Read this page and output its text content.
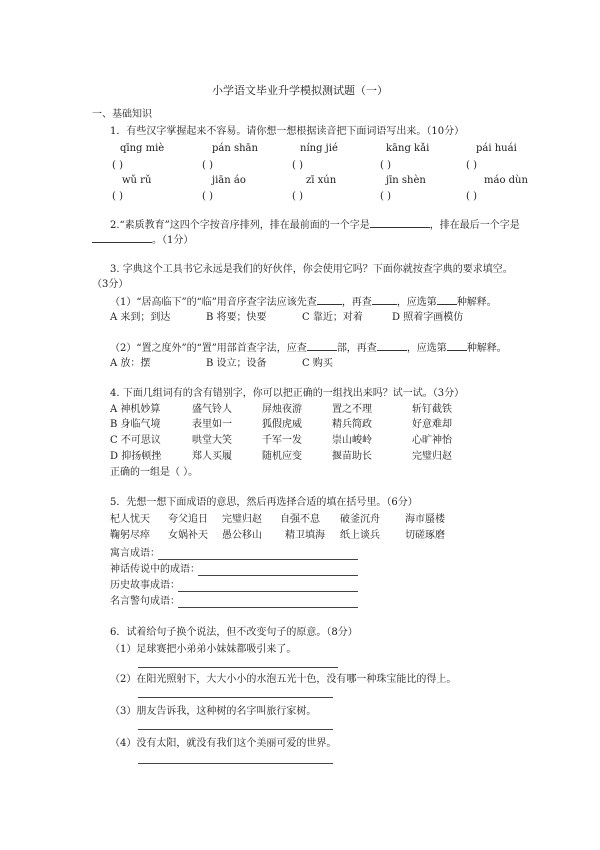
小学语文毕业升学模拟测试题（一）
一、基础知识
1．有些汉字掌握起来不容易。请你想一想根据读音把下面词语写出来。（10分）
qīng miè	pán shān	níng jié	kāng kǎi	pái huái
( )	( )	( )	( )	( )
wǔ rǔ	jiān áo	zī xún	jīn shèn	máo dùn
( )	( )	( )	( )	( )
2.“素质教育”这四个字按音序排列，排在最前面的一个字是	，排在最后一个字是
。（1分）
3. 字典这个工具书它永远是我们的好伙伴，你会使用它吗？下面你就按查字典的要求填空。
（3分）
（1）“居高临下”的“临”用音序查字法应该先查	，再查	，应选第 种解释。
A 来到；到达	B 将要；快要	C 靠近；对着	D 照着字画模仿
（2）“置之度外”的“置”用部首查字法，应查	部，再查	，应选第 种解释。
A 放：摆	B 设立；设备	C 购买
4. 下面几组词有的含有错别字，你可以把正确的一组找出来吗？试一试。（3分）
A 神机妙算	盛气铃人	屏烛夜游	置之不理	斩钉截铁
B 身临气境	表里如一	狐假虎威	精兵简政	好意难却
C 不可思议	哄堂大笑	千军一发	崇山峻岭	心旷神怡
D 抑扬顿挫	郑人买履	随机应变	揠苗助长	完璧归赵
正确的一组是（ ）。
5．先想一想下面成语的意思，然后再选择合适的填在括号里。（6分）
杞人忧天 夸父追日 完璧归赵 自强不息 破釜沉舟	海市蜃楼
鞠躬尽瘁 女娲补天 愚公移山 精卫填海 纸上谈兵	切磋琢磨
寓言成语：
神话传说中的成语：
历史故事成语：
名言警句成语：
6．试着给句子换个说法，但不改变句子的原意。（8分）
（1）足球赛把小弟弟小妹妹都吸引来了。
（2）在阳光照射下，大大小小的水泡五光十色，没有哪一种珠宝能比的得上。
（3）朋友告诉我，这种树的名字叫旅行家树。
（4）没有太阳，就没有我们这个美丽可爱的世界。
